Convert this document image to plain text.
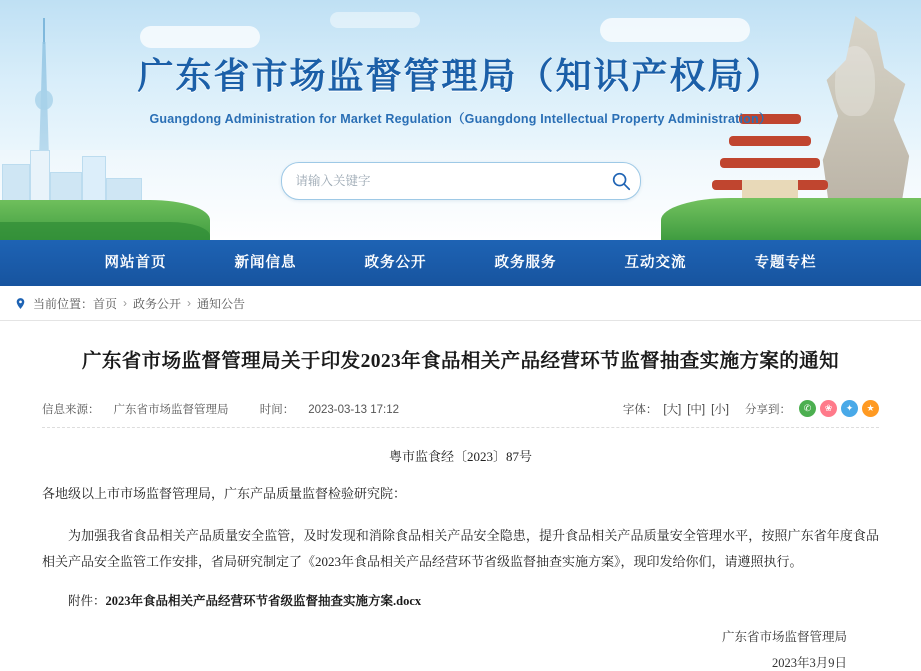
广东省市场监督管理局（知识产权局）
Guangdong Administration for Market Regulation（Guangdong Intellectual Property Administration）
请输入关键字
网站首页	新闻信息	政务公开	政务服务	互动交流	专题专栏
当前位置： 首页 › 政务公开 › 通知公告
广东省市场监督管理局关于印发2023年食品相关产品经营环节监督抽查实施方案的通知
信息来源： 广东省市场监督管理局	时间： 2023-03-13 17:12	字体： [大] [中] [小] 分享到：	✆	❀	✦	★
粤市监食经〔2023〕87号

各地级以上市市场监督管理局，广东产品质量监督检验研究院：

为加强我省食品相关产品质量安全监管，及时发现和消除食品相关产品安全隐患，提升食品相关产品质量安全管理水平，按照广东省年度食品相关产品安全监管工作安排，省局研究制定了《2023年食品相关产品经营环节省级监督抽查实施方案》，现印发给你们，请遵照执行。

附件：2023年食品相关产品经营环节省级监督抽查实施方案.docx
广东省市场监督管理局
2023年3月9日
